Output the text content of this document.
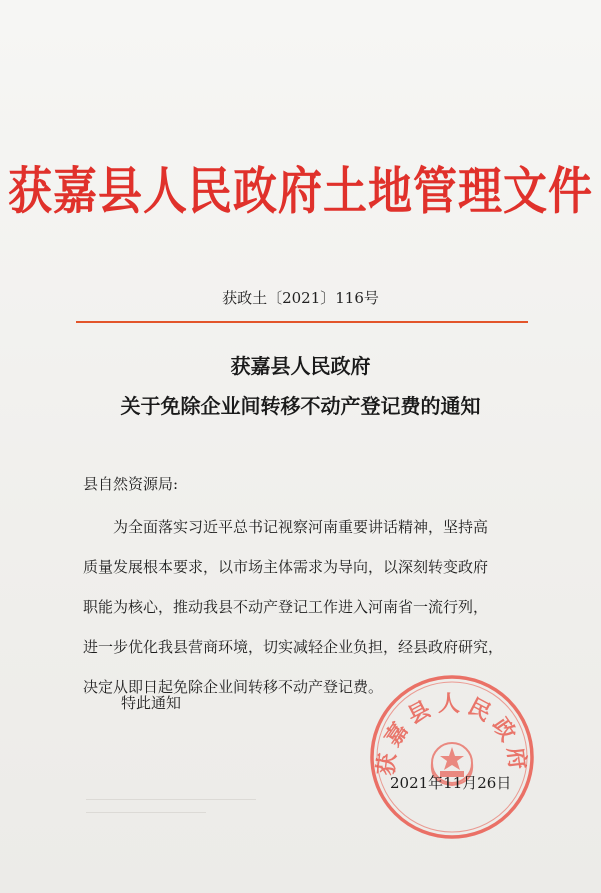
获嘉县人民政府土地管理文件
获政土〔2021〕116号
获嘉县人民政府
关于免除企业间转移不动产登记费的通知
县自然资源局:
　　为全面落实习近平总书记视察河南重要讲话精神，坚持高
质量发展根本要求，以市场主体需求为导向，以深刻转变政府
职能为核心，推动我县不动产登记工作进入河南省一流行列，
进一步优化我县营商环境，切实减轻企业负担，经县政府研究，
决定从即日起免除企业间转移不动产登记费。
特此通知
获嘉县人民政府
2021年11月26日
